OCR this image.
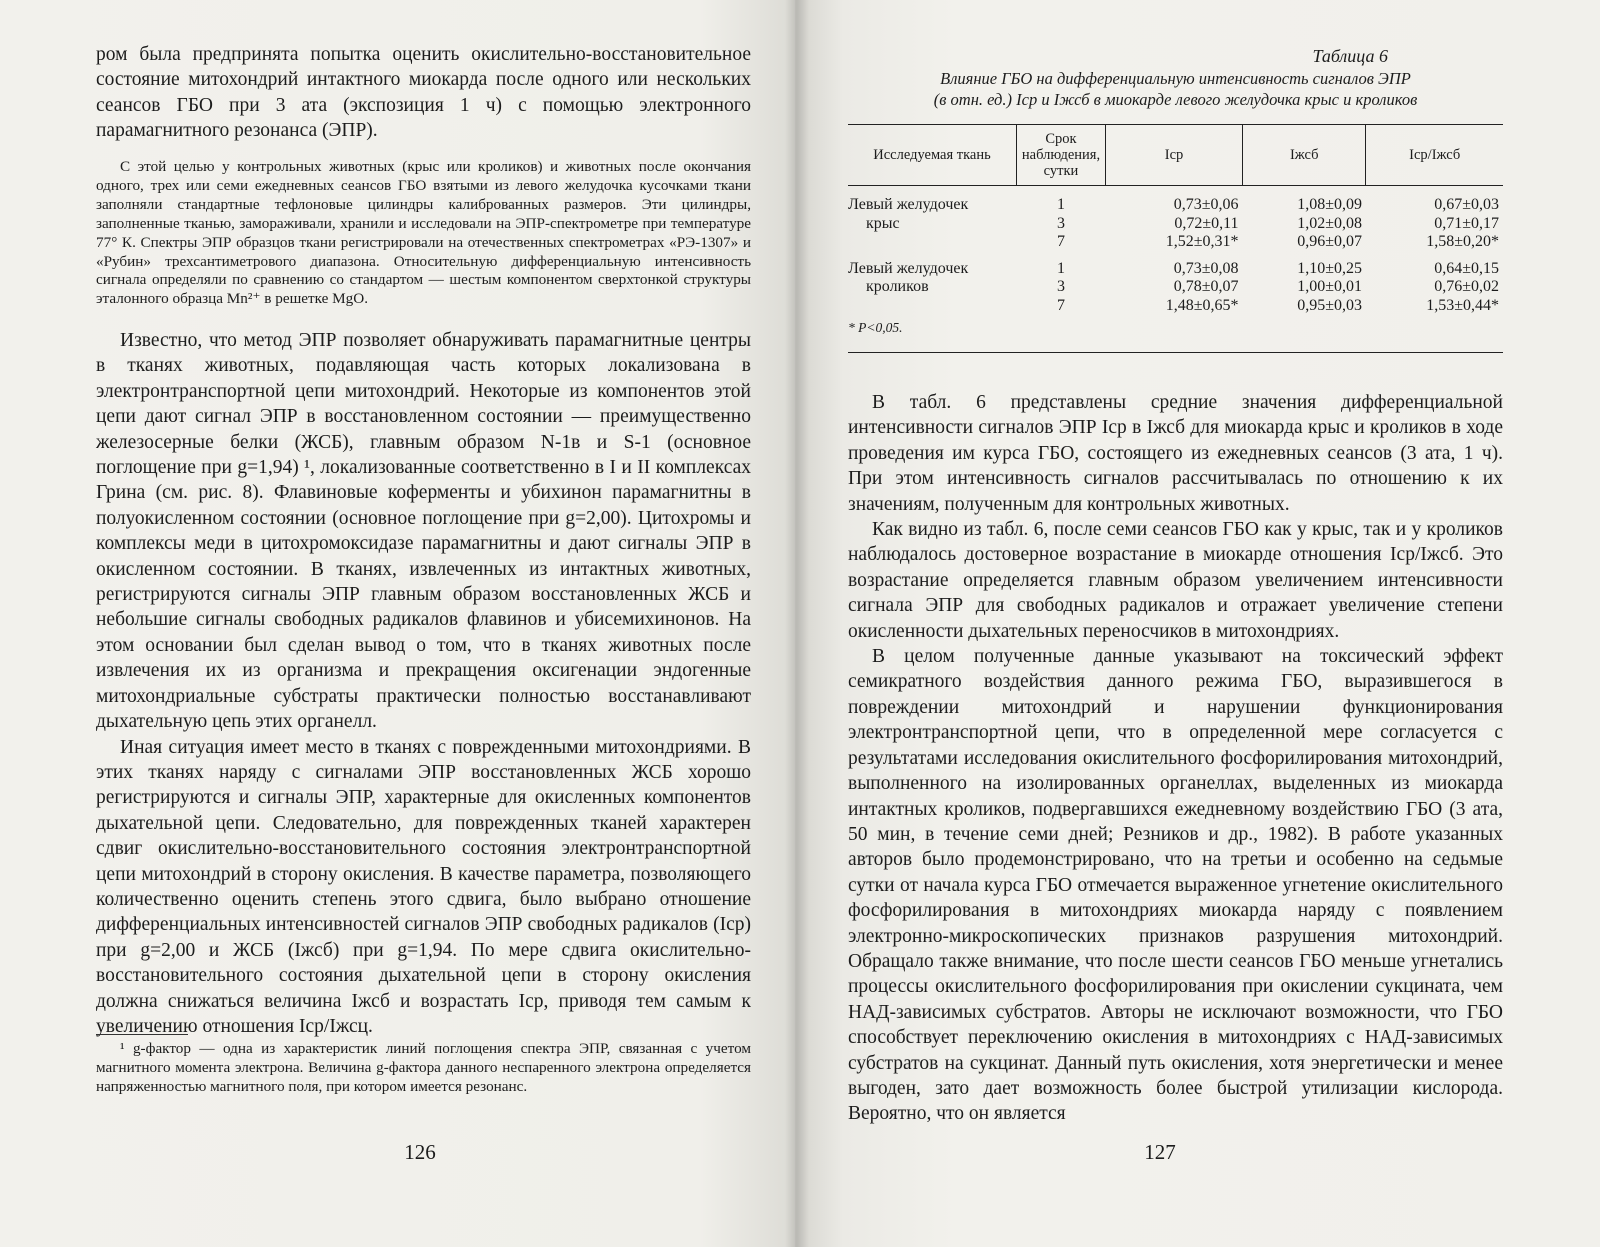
ром была предпринята попытка оценить окислительно-восстановительное состояние митохондрий интактного миокарда после одного или нескольких сеансов ГБО при 3 ата (экспозиция 1 ч) с помощью электронного парамагнитного резонанса (ЭПР).

С этой целью у контрольных животных (крыс или кроликов) и животных после окончания одного, трех или семи ежедневных сеансов ГБО взятыми из левого желудочка кусочками ткани заполняли стандартные тефлоновые цилиндры калиброванных размеров. Эти цилиндры, заполненные тканью, замораживали, хранили и исследовали на ЭПР-спектрометре при температуре 77° К. Спектры ЭПР образцов ткани регистрировали на отечественных спектрометрах «РЭ-1307» и «Рубин» трехсантиметрового диапазона. Относительную дифференциальную интенсивность сигнала определяли по сравнению со стандартом — шестым компонентом сверхтонкой структуры эталонного образца Mn²⁺ в решетке MgO.

Известно, что метод ЭПР позволяет обнаруживать парамагнитные центры в тканях животных, подавляющая часть которых локализована в электронтранспортной цепи митохондрий. Некоторые из компонентов этой цепи дают сигнал ЭПР в восстановленном состоянии — преимущественно железосерные белки (ЖСБ), главным образом N-1в и S-1 (основное поглощение при g=1,94) ¹, локализованные соответственно в I и II комплексах Грина (см. рис. 8). Флавиновые коферменты и убихинон парамагнитны в полуокисленном состоянии (основное поглощение при g=2,00). Цитохромы и комплексы меди в цитохромоксидазе парамагнитны и дают сигналы ЭПР в окисленном состоянии. В тканях, извлеченных из интактных животных, регистрируются сигналы ЭПР главным образом восстановленных ЖСБ и небольшие сигналы свободных радикалов флавинов и убисемихинонов. На этом основании был сделан вывод о том, что в тканях животных после извлечения их из организма и прекращения оксигенации эндогенные митохондриальные субстраты практически полностью восстанавливают дыхательную цепь этих органелл.

Иная ситуация имеет место в тканях с поврежденными митохондриями. В этих тканях наряду с сигналами ЭПР восстановленных ЖСБ хорошо регистрируются и сигналы ЭПР, характерные для окисленных компонентов дыхательной цепи. Следовательно, для поврежденных тканей характерен сдвиг окислительно-восстановительного состояния электронтранспортной цепи митохондрий в сторону окисления. В качестве параметра, позволяющего количественно оценить степень этого сдвига, было выбрано отношение дифференциальных интенсивностей сигналов ЭПР свободных радикалов (Iср) при g=2,00 и ЖСБ (Iжсб) при g=1,94. По мере сдвига окислительно-восстановительного состояния дыхательной цепи в сторону окисления должна снижаться величина Iжсб и возрастать Iср, приводя тем самым к увеличению отношения Iср/Iжсц.

¹ g-фактор — одна из характеристик линий поглощения спектра ЭПР, связанная с учетом магнитного момента электрона. Величина g-фактора данного неспаренного электрона определяется напряженностью магнитного поля, при котором имеется резонанс.

126
Таблица 6
Влияние ГБО на дифференциальную интенсивность сигналов ЭПР
(в отн. ед.) Iср и Iжсб в миокарде левого желудочка крыс и кроликов
Исследуемая ткань	Срок наблюдения, сутки	Iср	Iжсб	Iср/Iжсб
Левый желудочек	1	0,73±0,06	1,08±0,09	0,67±0,03
крыс	3	0,72±0,11	1,02±0,08	0,71±0,17
	7	1,52±0,31*	0,96±0,07	1,58±0,20*
Левый желудочек	1	0,73±0,08	1,10±0,25	0,64±0,15
кроликов	3	0,78±0,07	1,00±0,01	0,76±0,02
	7	1,48±0,65*	0,95±0,03	1,53±0,44*
* P<0,05.

В табл. 6 представлены средние значения дифференциальной интенсивности сигналов ЭПР Iср в Iжсб для миокарда крыс и кроликов в ходе проведения им курса ГБО, состоящего из ежедневных сеансов (3 ата, 1 ч). При этом интенсивность сигналов рассчитывалась по отношению к их значениям, полученным для контрольных животных.

Как видно из табл. 6, после семи сеансов ГБО как у крыс, так и у кроликов наблюдалось достоверное возрастание в миокарде отношения Iср/Iжсб. Это возрастание определяется главным образом увеличением интенсивности сигнала ЭПР для свободных радикалов и отражает увеличение степени окисленности дыхательных переносчиков в митохондриях.

В целом полученные данные указывают на токсический эффект семикратного воздействия данного режима ГБО, выразившегося в повреждении митохондрий и нарушении функционирования электронтранспортной цепи, что в определенной мере согласуется с результатами исследования окислительного фосфорилирования митохондрий, выполненного на изолированных органеллах, выделенных из миокарда интактных кроликов, подвергавшихся ежедневному воздействию ГБО (3 ата, 50 мин, в течение семи дней; Резников и др., 1982). В работе указанных авторов было продемонстрировано, что на третьи и особенно на седьмые сутки от начала курса ГБО отмечается выраженное угнетение окислительного фосфорилирования в митохондриях миокарда наряду с появлением электронно-микроскопических признаков разрушения митохондрий. Обращало также внимание, что после шести сеансов ГБО меньше угнетались процессы окислительного фосфорилирования при окислении сукцината, чем НАД-зависимых субстратов. Авторы не исключают возможности, что ГБО способствует переключению окисления в митохондриях с НАД-зависимых субстратов на сукцинат. Данный путь окисления, хотя энергетически и менее выгоден, зато дает возможность более быстрой утилизации кислорода. Вероятно, что он является

127
